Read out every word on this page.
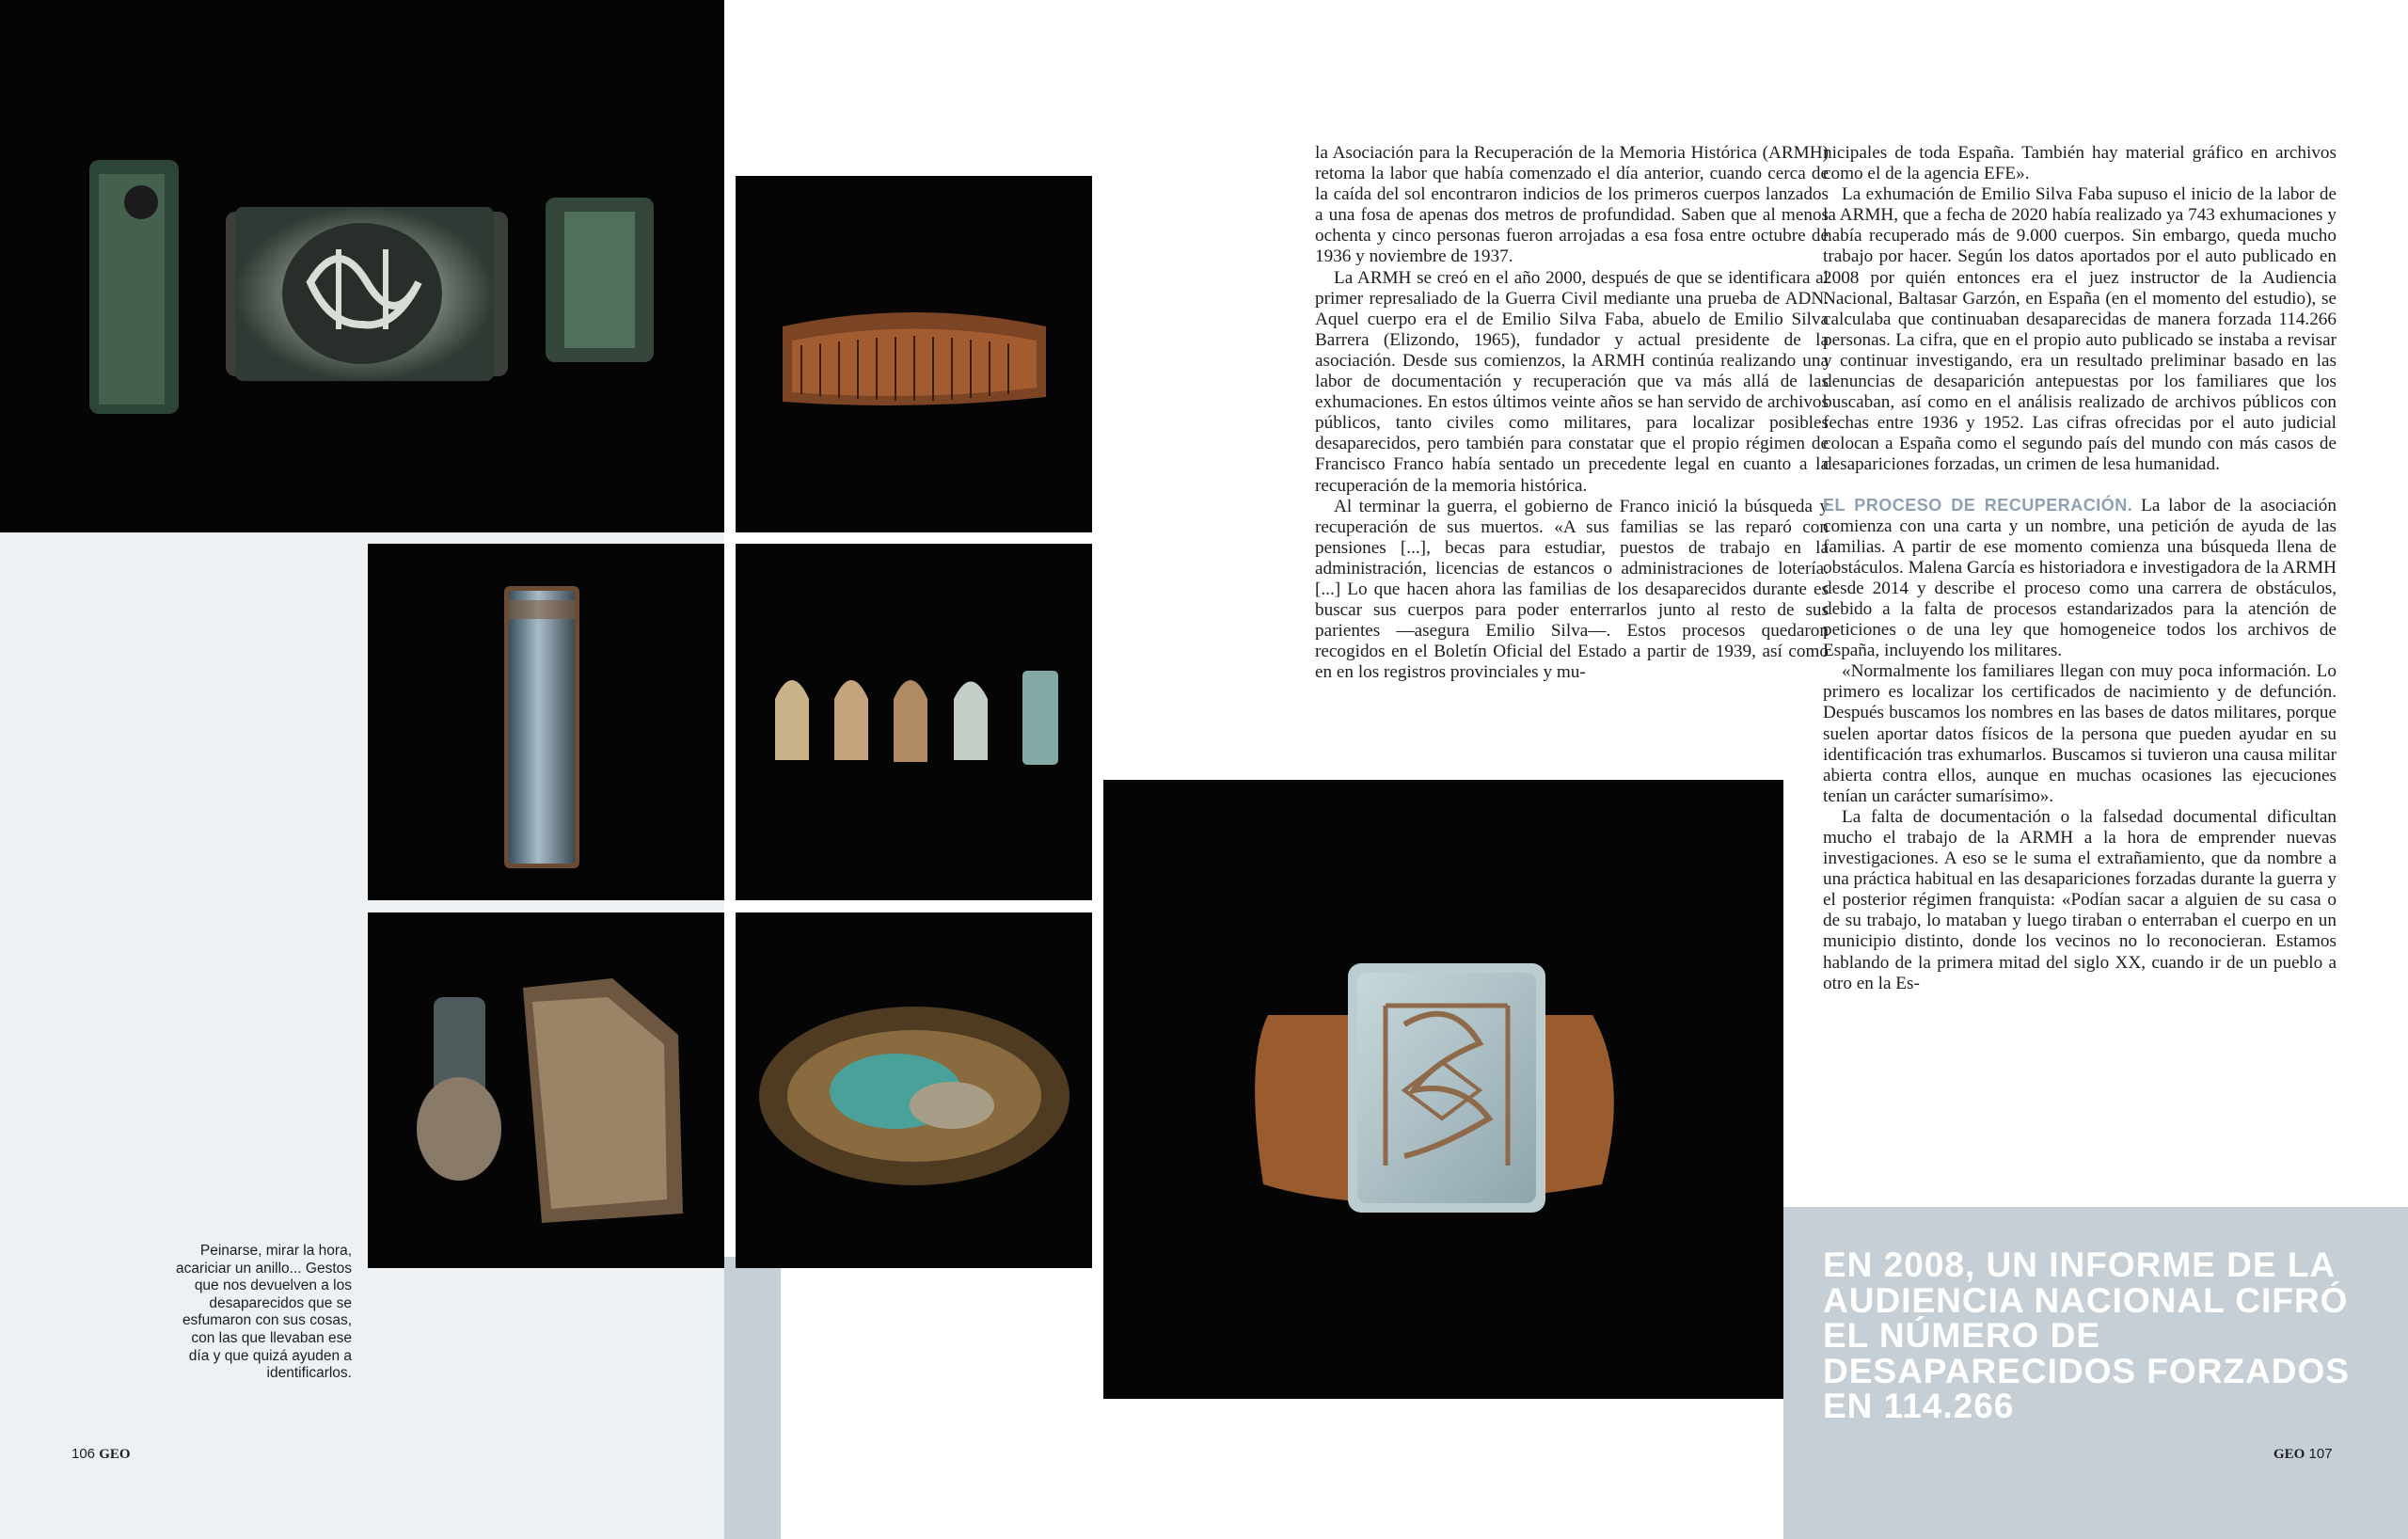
Peinarse, mirar la hora, acariciar un anillo... Gestos que nos devuelven a los desaparecidos que se esfumaron con sus cosas, con las que llevaban ese día y que quizá ayuden a identificarlos.

la Asociación para la Recuperación de la Memoria Histórica (ARMH) retoma la labor que había comenzado el día anterior, cuando cerca de la caída del sol encontraron indicios de los primeros cuerpos lanzados a una fosa de apenas dos metros de profundidad. Saben que al menos ochenta y cinco personas fueron arrojadas a esa fosa entre octubre de 1936 y noviembre de 1937.

La ARMH se creó en el año 2000, después de que se identificara al primer represaliado de la Guerra Civil mediante una prueba de ADN. Aquel cuerpo era el de Emilio Silva Faba, abuelo de Emilio Silva Barrera (Elizondo, 1965), fundador y actual presidente de la asociación. Desde sus comienzos, la ARMH continúa realizando una labor de documentación y recuperación que va más allá de las exhumaciones. En estos últimos veinte años se han servido de archivos públicos, tanto civiles como militares, para localizar posibles desaparecidos, pero también para constatar que el propio régimen de Francisco Franco había sentado un precedente legal en cuanto a la recuperación de la memoria histórica.

Al terminar la guerra, el gobierno de Franco inició la búsqueda y recuperación de sus muertos. «A sus familias se las reparó con pensiones [...], becas para estudiar, puestos de trabajo en la administración, licencias de estancos o administraciones de lotería. [...] Lo que hacen ahora las familias de los desaparecidos durante es buscar sus cuerpos para poder enterrarlos junto al resto de sus parientes —asegura Emilio Silva—. Estos procesos quedaron recogidos en el Boletín Oficial del Estado a partir de 1939, así como en en los registros provinciales y mu-

nicipales de toda España. También hay material gráfico en archivos como el de la agencia EFE».

La exhumación de Emilio Silva Faba supuso el inicio de la labor de la ARMH, que a fecha de 2020 había realizado ya 743 exhumaciones y había recuperado más de 9.000 cuerpos. Sin embargo, queda mucho trabajo por hacer. Según los datos aportados por el auto publicado en 2008 por quién entonces era el juez instructor de la Audiencia Nacional, Baltasar Garzón, en España (en el momento del estudio), se calculaba que continuaban desaparecidas de manera forzada 114.266 personas. La cifra, que en el propio auto publicado se instaba a revisar y continuar investigando, era un resultado preliminar basado en las denuncias de desaparición antepuestas por los familiares que los buscaban, así como en el análisis realizado de archivos públicos con fechas entre 1936 y 1952. Las cifras ofrecidas por el auto judicial colocan a España como el segundo país del mundo con más casos de desapariciones forzadas, un crimen de lesa humanidad.

EL PROCESO DE RECUPERACIÓN. La labor de la asociación comienza con una carta y un nombre, una petición de ayuda de las familias. A partir de ese momento comienza una búsqueda llena de obstáculos. Malena García es historiadora e investigadora de la ARMH desde 2014 y describe el proceso como una carrera de obstáculos, debido a la falta de procesos estandarizados para la atención de peticiones o de una ley que homogeneice todos los archivos de España, incluyendo los militares.

«Normalmente los familiares llegan con muy poca información. Lo primero es localizar los certificados de nacimiento y de defunción. Después buscamos los nombres en las bases de datos militares, porque suelen aportar datos físicos de la persona que pueden ayudar en su identificación tras exhumarlos. Buscamos si tuvieron una causa militar abierta contra ellos, aunque en muchas ocasiones las ejecuciones tenían un carácter sumarísimo».

La falta de documentación o la falsedad documental dificultan mucho el trabajo de la ARMH a la hora de emprender nuevas investigaciones. A eso se le suma el extrañamiento, que da nombre a una práctica habitual en las desapariciones forzadas durante la guerra y el posterior régimen franquista: «Podían sacar a alguien de su casa o de su trabajo, lo mataban y luego tiraban o enterraban el cuerpo en un municipio distinto, donde los vecinos no lo reconocieran. Estamos hablando de la primera mitad del siglo XX, cuando ir de un pueblo a otro en la Es-

EN 2008, UN INFORME DE LA AUDIENCIA NACIONAL CIFRÓ EL NÚMERO DE DESAPARECIDOS FORZADOS EN 114.266
106 GEO	GEO 107
